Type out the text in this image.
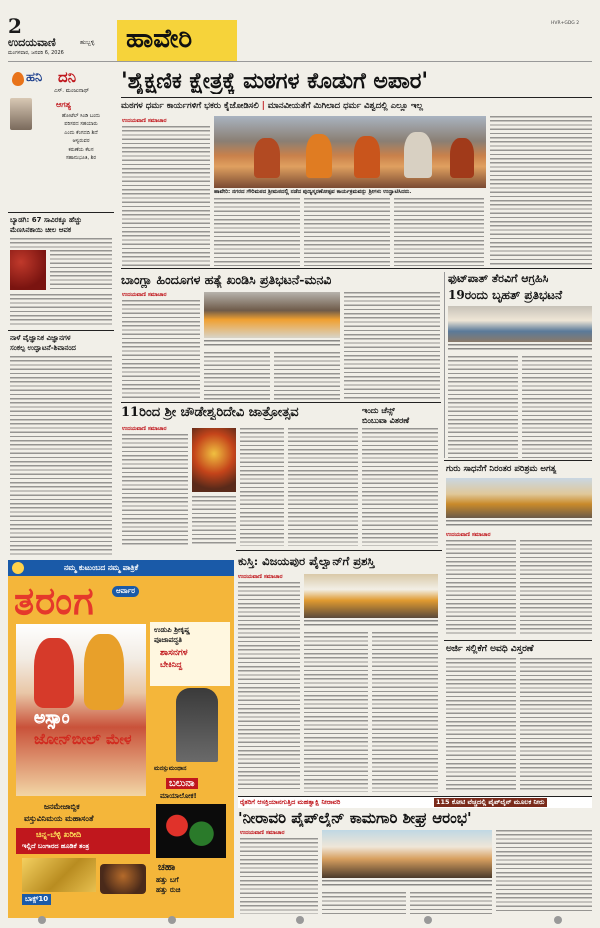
2
ಉದಯವಾಣಿ	ಹುಬ್ಬಳ್ಳಿ
ಮಂಗಳವಾರ, ಜನವರಿ 6, 2026 ಹಾವೇರಿ
HVR+GDG 2
ಹನಿ ದನಿ
ಎಸ್. ಮಂಜುನಾಥ್
ಆಗತ್ಯ
ಹೋಟೆಲ್ ಸಿಂಡಿ ಬಂದು
ಪರಿಸರದ ಸಹಯಾರು
ಎಂದು ಕೆಂಗದದಿ ಶಿದೆ
ಆಳ್ವರುವರ
ಕರುಣೆಯ ಕೆಲಸ
ಸಹಾನುಭೂತಿ, ಶಿರ
ಬ್ಯಾಡಗಿ: 67 ಸಾವಿರಕ್ಕೂ ಹೆಚ್ಚು
ಮೆಣಸಿನಕಾಯಿ ಚೀಲ ಆವಕ
ನಾಳೆ ವೈಜ್ಞಾನಿಕ ವಿಜ್ಞಾನಗಳ
ಸಂಕಲ್ಪ ಉದ್ಘಾಟನೆ-ಶಿವಾನಂದ
'ಶೈಕ್ಷಣಿಕ ಕ್ಷೇತ್ರಕ್ಕೆ ಮಠಗಳ ಕೊಡುಗೆ ಅಪಾರ'
ಮಠಗಳ ಧರ್ಮ ಕಾರ್ಯಗಳಿಗೆ ಭಕರು ಕೈಜೋಡಿಸಲಿ | ಮಾನವೀಯತೆಗೆ ಮಿಗಿಲಾದ ಧರ್ಮ ವಿಶ್ವದಲ್ಲಿ ಎಲ್ಲೂ ಇಲ್ಲ
ಉದಯವಾಣಿ ಸಮಾಚಾರ
ಹಾವೇರಿ: ನಗರದ ಗೌರಿಮಠದ ಶ್ರೀಮಠದಲ್ಲಿ ನಡೆದ ಪುಣ್ಯಸ್ಮರಣೋತ್ಸವ ಕಾರ್ಯಕ್ರಮವನ್ನು ಶ್ರೀಗಳು ಉದ್ಘಾಟಿಸಿದರು.
ಬಾಂಗ್ಲಾ ಹಿಂದೂಗಳ ಹತ್ಯೆ ಖಂಡಿಸಿ ಪ್ರತಿಭಟನೆ-ಮನವಿ
ಉದಯವಾಣಿ ಸಮಾಚಾರ
ಫುಟ್‌ಪಾತ್ ತೆರವಿಗೆ ಆಗ್ರಹಿಸಿ
19ರಂದು ಬೃಹತ್ ಪ್ರತಿಭಟನೆ
11ರಿಂದ ಶ್ರೀ ಚೌಡೇಶ್ವರಿದೇವಿ ಜಾತ್ರೋತ್ಸವ
ಉದಯವಾಣಿ ಸಮಾಚಾರ
ಇಂದು ಚೆನ್ಸ್
ಬಿಂಬುವಾ ವಿತರಣೆ
ಗುರು ಸಾಧನೆಗೆ ನಿರಂತರ ಪರಿಶ್ರಮ ಅಗತ್ಯ
ಉದಯವಾಣಿ ಸಮಾಚಾರ
ನಮ್ಮ ಕುಟುಂಬದ ನಮ್ಮ ಪಾತ್ರಿಕೆ
ತರಂಗ	ಆರ್ವಾರ
ಅಸ್ಸಾಂ
ಜೋನ್‌ಬೀಲ್ ಮೇಳ
ಉಡುಪಿ ಶ್ರೀಕೃಷ್ಣ
ಪೂಜಾಪದ್ಧತಿ
ಶಾಸನಗಳ
ಬೇಕಿನಿದ್ದ
ಮನಸ್ಸುಮಂಥಾನ
ಬಲುನಾ
ಮಾಯಾಲೋಕ!
ಜನಮೇಜಾಬ್ದಿಕ
ವಸ್ತುವಿನಿಮಯ ಮಹಾಸಂತೆ
ಚಿನ್ನ-ಬೆಳ್ಳಿ ಖರೀದಿ
ಇಲ್ಲಿದೆ ಬಂಗಾರದ ಹೂಡಿಕೆ ತಂತ್ರ
ಬಾಕ್ಸ್10
ಚಹಾ
ಹತ್ತು ಬಗೆ
ಹತ್ತು ರುಚಿ
ಕುಸ್ತಿ: ವಿಜಯಪುರ ಪೈಲ್ವಾನ್‌ಗೆ ಪ್ರಶಸ್ತಿ
ಉದಯವಾಣಿ ಸಮಾಚಾರ
ಅರ್ಜಿ ಸಲ್ಲಿಕೆಗೆ ಅವಧಿ ವಿಸ್ತರಣೆ
ರೈತರಿಗೆ ಆಸಕ್ತಿಯಾನಗುತ್ತಿದ ಮಹತ್ವಾಕ್ಷಿ ನೀರಾವರಿ	115 ಕೋಟಿ ವೆಚ್ಚದಲ್ಲಿ ಪೈಪ್‌ಲೈನ್ ಮೂಲಕ ನೀರು
'ನೀರಾವರಿ ಪೈಪ್‌ಲೈನ್ ಕಾಮಗಾರಿ ಶೀಘ್ರ ಆರಂಭ'
ಉದಯವಾಣಿ ಸಮಾಚಾರ
